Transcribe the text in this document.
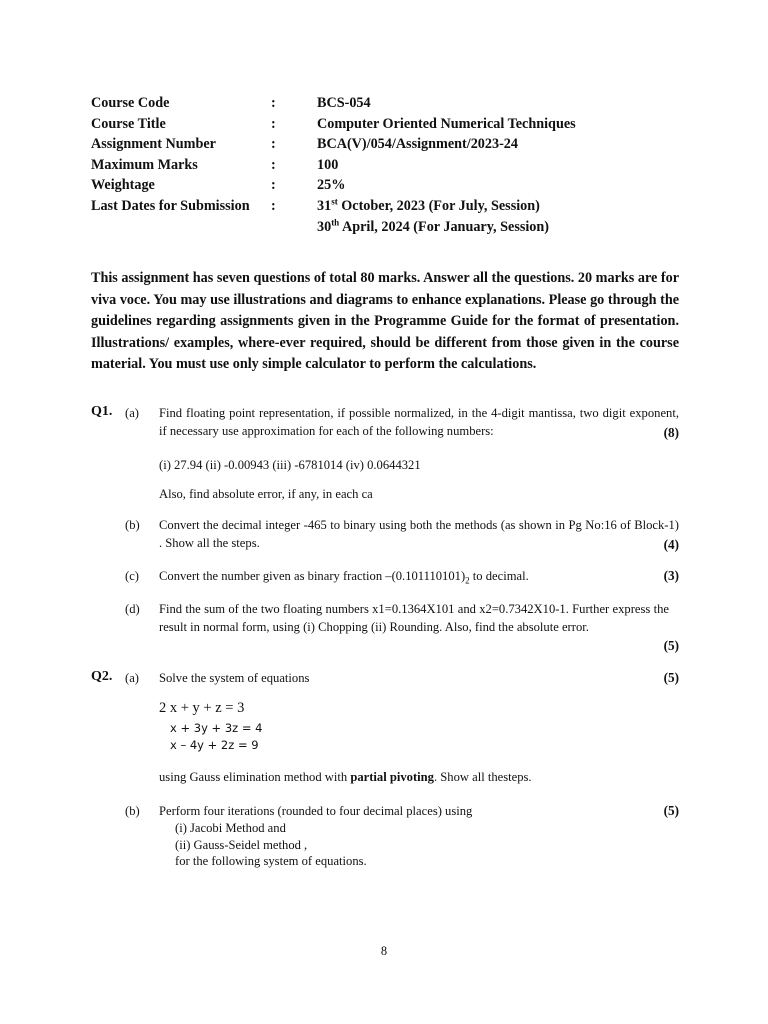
Course Code	:	BCS-054
Course Title	:	Computer Oriented Numerical Techniques
Assignment Number	:	BCA(V)/054/Assignment/2023-24
Maximum Marks	:	100
Weightage	:	25%
Last Dates for Submission :	31st October, 2023 (For July, Session)
30th April, 2024 (For January, Session)
This assignment has seven questions of total 80 marks. Answer all the questions. 20 marks are for viva voce. You may use illustrations and diagrams to enhance explanations. Please go through the guidelines regarding assignments given in the Programme Guide for the format of presentation. Illustrations/ examples, where-ever required, should be different from those given in the course material. You must use only simple calculator to perform the calculations.
Q1. (a) Find floating point representation, if possible normalized, in the 4-digit mantissa, two digit exponent, if necessary use approximation for each of the following numbers:	(8)
(i) 27.94 (ii) -0.00943 (iii) -6781014 (iv) 0.0644321
Also, find absolute error, if any, in each ca
(b) Convert the decimal integer -465 to binary using both the methods (as shown in Pg No:16 of Block-1) . Show all the steps.	(4)
(c) Convert the number given as binary fraction $-(0.101110101)_2$ to decimal.	(3)
(d) Find the sum of the two floating numbers x1=0.1364X101 and x2=0.7342X10-1. Further express the result in normal form, using (i) Chopping (ii) Rounding. Also, find the absolute error.
(5)
Q2. (a) Solve the system of equations	(5)
2 x + y + z = 3
x + 3y + 3z = 4
x – 4y + 2z = 9
using Gauss elimination method with partial pivoting. Show all thesteps.
(b) Perform four iterations (rounded to four decimal places) using	(5)
(i) Jacobi Method and
(ii) Gauss-Seidel method ,
for the following system of equations.
8
